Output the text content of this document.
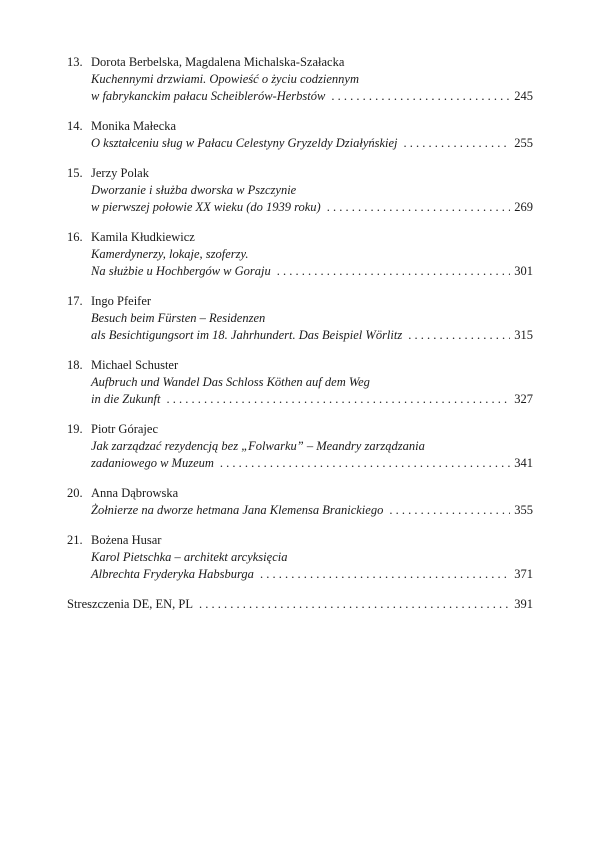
13. Dorota Berbelska, Magdalena Michalska-Szałacka
Kuchennymi drzwiami. Opowieść o życiu codziennym
w fabrykanckim pałacu Scheiblerów-Herbstów . . .	245
14. Monika Małecka
O kształceniu sług w Pałacu Celestyny Gryzeldy Działyńskiej . . .	255
15. Jerzy Polak
Dworzanie i służba dworska w Pszczynie
w pierwszej połowie XX wieku (do 1939 roku) . . .	269
16. Kamila Kłudkiewicz
Kamerdynerzy, lokaje, szoferzy.
Na służbie u Hochbergów w Goraju . . .	301
17. Ingo Pfeifer
Besuch beim Fürsten – Residenzen
als Besichtigungsort im 18. Jahrhundert. Das Beispiel Wörlitz . . .	315
18. Michael Schuster
Aufbruch und Wandel Das Schloss Köthen auf dem Weg
in die Zukunft . . .	327
19. Piotr Górajec
Jak zarządzać rezydencją bez „Folwarku” – Meandry zarządzania
zadaniowego w Muzeum . . .	341
20. Anna Dąbrowska
Żołnierze na dworze hetmana Jana Klemensa Branickiego . . .	355
21. Bożena Husar
Karol Pietschka – architekt arcyksięcia
Albrechta Fryderyka Habsburga . . .	371
Streszczenia DE, EN, PL . . .	391
